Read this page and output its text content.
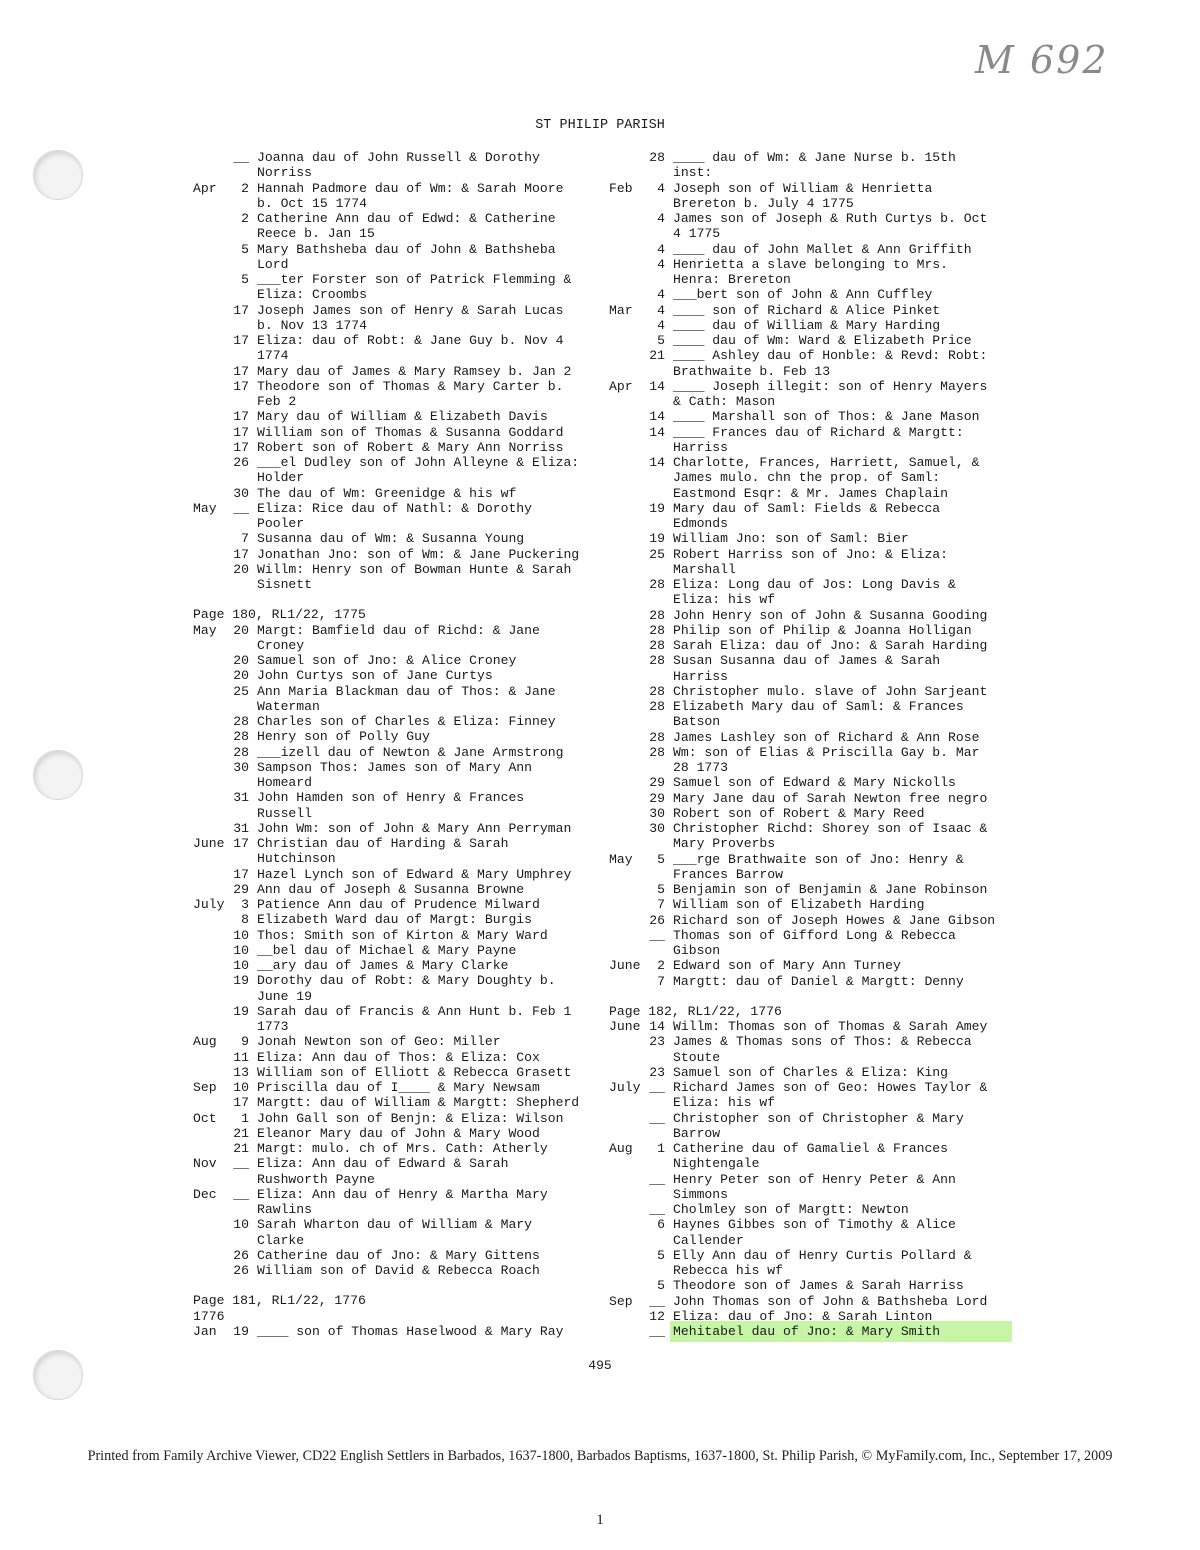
M 692
ST PHILIP PARISH
__ Joanna dau of John Russell & Dorothy
Norriss
Apr	2 Hannah Padmore dau of Wm: & Sarah Moore
b. Oct 15 1774
2 Catherine Ann dau of Edwd: & Catherine
Reece b. Jan 15
5 Mary Bathsheba dau of John & Bathsheba
Lord
5 ___ter Forster son of Patrick Flemming &
Eliza: Croombs
17 Joseph James son of Henry & Sarah Lucas
b. Nov 13 1774
17 Eliza: dau of Robt: & Jane Guy b. Nov 4
1774
17 Mary dau of James & Mary Ramsey b. Jan 2
17 Theodore son of Thomas & Mary Carter b.
Feb 2
17 Mary dau of William & Elizabeth Davis
17 William son of Thomas & Susanna Goddard
17 Robert son of Robert & Mary Ann Norriss
26 ___el Dudley son of John Alleyne & Eliza:
Holder
30 The dau of Wm: Greenidge & his wf
May	__ Eliza: Rice dau of Nathl: & Dorothy
Pooler
7 Susanna dau of Wm: & Susanna Young
17 Jonathan Jno: son of Wm: & Jane Puckering
20 Willm: Henry son of Bowman Hunte & Sarah
Sisnett
Page 180, RL1/22, 1775
May	20 Margt: Bamfield dau of Richd: & Jane
Croney
20 Samuel son of Jno: & Alice Croney
20 John Curtys son of Jane Curtys
25 Ann Maria Blackman dau of Thos: & Jane
Waterman
28 Charles son of Charles & Eliza: Finney
28 Henry son of Polly Guy
28 ___izell dau of Newton & Jane Armstrong
30 Sampson Thos: James son of Mary Ann
Homeard
31 John Hamden son of Henry & Frances
Russell
31 John Wm: son of John & Mary Ann Perryman
June 17 Christian dau of Harding & Sarah
Hutchinson
17 Hazel Lynch son of Edward & Mary Umphrey
29 Ann dau of Joseph & Susanna Browne
July	3 Patience Ann dau of Prudence Milward
8 Elizabeth Ward dau of Margt: Burgis
10 Thos: Smith son of Kirton & Mary Ward
10 __bel dau of Michael & Mary Payne
10 __ary dau of James & Mary Clarke
19 Dorothy dau of Robt: & Mary Doughty b.
June 19
19 Sarah dau of Francis & Ann Hunt b. Feb 1
1773
Aug	9 Jonah Newton son of Geo: Miller
11 Eliza: Ann dau of Thos: & Eliza: Cox
13 William son of Elliott & Rebecca Grasett
Sep	10 Priscilla dau of I____ & Mary Newsam
17 Margtt: dau of William & Margtt: Shepherd
Oct	1 John Gall son of Benjn: & Eliza: Wilson
21 Eleanor Mary dau of John & Mary Wood
21 Margt: mulo. ch of Mrs. Cath: Atherly
Nov	__ Eliza: Ann dau of Edward & Sarah
Rushworth Payne
Dec	__ Eliza: Ann dau of Henry & Martha Mary
Rawlins
10 Sarah Wharton dau of William & Mary
Clarke
26 Catherine dau of Jno: & Mary Gittens
26 William son of David & Rebecca Roach
Page 181, RL1/22, 1776
1776
Jan	19 ____ son of Thomas Haselwood & Mary Ray
28 ____ dau of Wm: & Jane Nurse b. 15th
inst:
Feb	4 Joseph son of William & Henrietta
Brereton b. July 4 1775
4 James son of Joseph & Ruth Curtys b. Oct
4 1775
4 ____ dau of John Mallet & Ann Griffith
4 Henrietta a slave belonging to Mrs.
Henra: Brereton
4 ___bert son of John & Ann Cuffley
Mar	4 ____ son of Richard & Alice Pinket
4 ____ dau of William & Mary Harding
5 ____ dau of Wm: Ward & Elizabeth Price
21 ____ Ashley dau of Honble: & Revd: Robt:
Brathwaite b. Feb 13
Apr	14 ____ Joseph illegit: son of Henry Mayers
& Cath: Mason
14 ____ Marshall son of Thos: & Jane Mason
14 ____ Frances dau of Richard & Margtt:
Harriss
14 Charlotte, Frances, Harriett, Samuel, &
James mulo. chn the prop. of Saml:
Eastmond Esqr: & Mr. James Chaplain
19 Mary dau of Saml: Fields & Rebecca
Edmonds
19 William Jno: son of Saml: Bier
25 Robert Harriss son of Jno: & Eliza:
Marshall
28 Eliza: Long dau of Jos: Long Davis &
Eliza: his wf
28 John Henry son of John & Susanna Gooding
28 Philip son of Philip & Joanna Holligan
28 Sarah Eliza: dau of Jno: & Sarah Harding
28 Susan Susanna dau of James & Sarah
Harriss
28 Christopher mulo. slave of John Sarjeant
28 Elizabeth Mary dau of Saml: & Frances
Batson
28 James Lashley son of Richard & Ann Rose
28 Wm: son of Elias & Priscilla Gay b. Mar
28 1773
29 Samuel son of Edward & Mary Nickolls
29 Mary Jane dau of Sarah Newton free negro
30 Robert son of Robert & Mary Reed
30 Christopher Richd: Shorey son of Isaac &
Mary Proverbs
May	5 ___rge Brathwaite son of Jno: Henry &
Frances Barrow
5 Benjamin son of Benjamin & Jane Robinson
7 William son of Elizabeth Harding
26 Richard son of Joseph Howes & Jane Gibson
__ Thomas son of Gifford Long & Rebecca
Gibson
June	2 Edward son of Mary Ann Turney
7 Margtt: dau of Daniel & Margtt: Denny
Page 182, RL1/22, 1776
June 14 Willm: Thomas son of Thomas & Sarah Amey
23 James & Thomas sons of Thos: & Rebecca
Stoute
23 Samuel son of Charles & Eliza: King
July __ Richard James son of Geo: Howes Taylor &
Eliza: his wf
__ Christopher son of Christopher & Mary
Barrow
Aug	1 Catherine dau of Gamaliel & Frances
Nightengale
__ Henry Peter son of Henry Peter & Ann
Simmons
__ Cholmley son of Margtt: Newton
6 Haynes Gibbes son of Timothy & Alice
Callender
5 Elly Ann dau of Henry Curtis Pollard &
Rebecca his wf
5 Theodore son of James & Sarah Harriss
Sep	__ John Thomas son of John & Bathsheba Lord
12 Eliza: dau of Jno: & Sarah Linton
__ Mehitabel dau of Jno: & Mary Smith
495
Printed from Family Archive Viewer, CD22 English Settlers in Barbados, 1637-1800, Barbados Baptisms, 1637-1800, St. Philip Parish, © MyFamily.com, Inc., September 17, 2009
1
